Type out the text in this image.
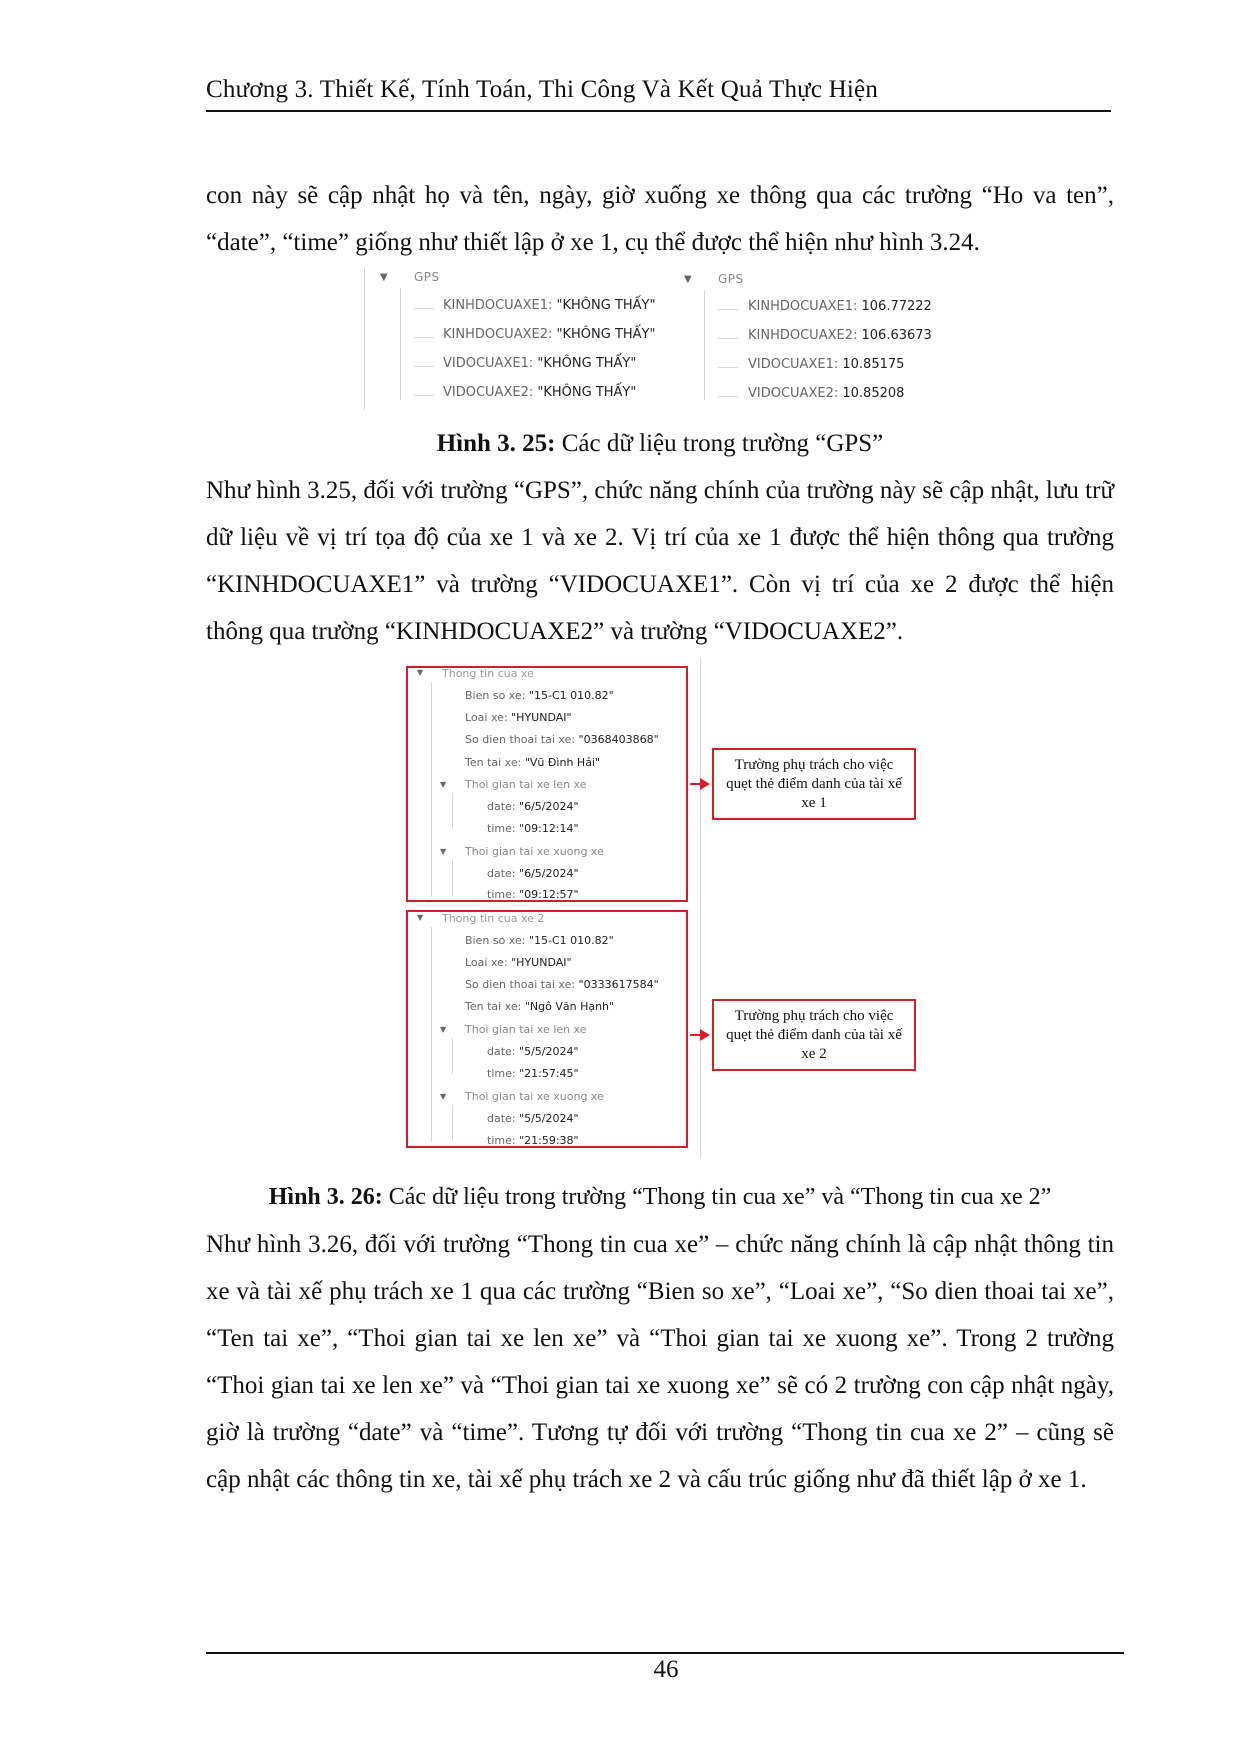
Chương 3. Thiết Kế, Tính Toán, Thi Công Và Kết Quả Thực Hiện

con này sẽ cập nhật họ và tên, ngày, giờ xuống xe thông qua các trường “Ho va ten”, “date”, “time” giống như thiết lập ở xe 1, cụ thể được thể hiện như hình 3.24.

▼ GPS
KINHDOCUAXE1: "KHÔNG THẤY"
KINHDOCUAXE2: "KHÔNG THẤY"
VIDOCUAXE1: "KHÔNG THẤY"
VIDOCUAXE2: "KHÔNG THẤY"
▼ GPS
KINHDOCUAXE1: 106.77222
KINHDOCUAXE2: 106.63673
VIDOCUAXE1: 10.85175
VIDOCUAXE2: 10.85208
Hình 3. 25: Các dữ liệu trong trường “GPS”

Như hình 3.25, đối với trường “GPS”, chức năng chính của trường này sẽ cập nhật, lưu trữ dữ liệu về vị trí tọa độ của xe 1 và xe 2. Vị trí của xe 1 được thể hiện thông qua trường “KINHDOCUAXE1” và trường “VIDOCUAXE1”. Còn vị trí của xe 2 được thể hiện thông qua trường “KINHDOCUAXE2” và trường “VIDOCUAXE2”.

▼ Thong tin cua xe
Bien so xe: "15-C1 010.82"
Loai xe: "HYUNDAI"
So dien thoai tai xe: "0368403868"
Ten tai xe: "Vũ Đình Hải"
▼ Thoi gian tai xe len xe
date: "6/5/2024"
time: "09:12:14"
▼ Thoi gian tai xe xuong xe
date: "6/5/2024"
time: "09:12:57"
Trường phụ trách cho việc quẹt thẻ điểm danh của tài xế xe 1
▼ Thong tin cua xe 2
Bien so xe: "15-C1 010.82"
Loai xe: "HYUNDAI"
So dien thoai tai xe: "0333617584"
Ten tai xe: "Ngô Văn Hạnh"
▼ Thoi gian tai xe len xe
date: "5/5/2024"
time: "21:57:45"
▼ Thoi gian tai xe xuong xe
date: "5/5/2024"
time: "21:59:38"
Trường phụ trách cho việc quẹt thẻ điểm danh của tài xế xe 2
Hình 3. 26: Các dữ liệu trong trường “Thong tin cua xe” và “Thong tin cua xe 2”

Như hình 3.26, đối với trường “Thong tin cua xe” – chức năng chính là cập nhật thông tin xe và tài xế phụ trách xe 1 qua các trường “Bien so xe”, “Loai xe”, “So dien thoai tai xe”, “Ten tai xe”, “Thoi gian tai xe len xe” và “Thoi gian tai xe xuong xe”. Trong 2 trường “Thoi gian tai xe len xe” và “Thoi gian tai xe xuong xe” sẽ có 2 trường con cập nhật ngày, giờ là trường “date” và “time”. Tương tự đối với trường “Thong tin cua xe 2” – cũng sẽ cập nhật các thông tin xe, tài xế phụ trách xe 2 và cấu trúc giống như đã thiết lập ở xe 1.

46
